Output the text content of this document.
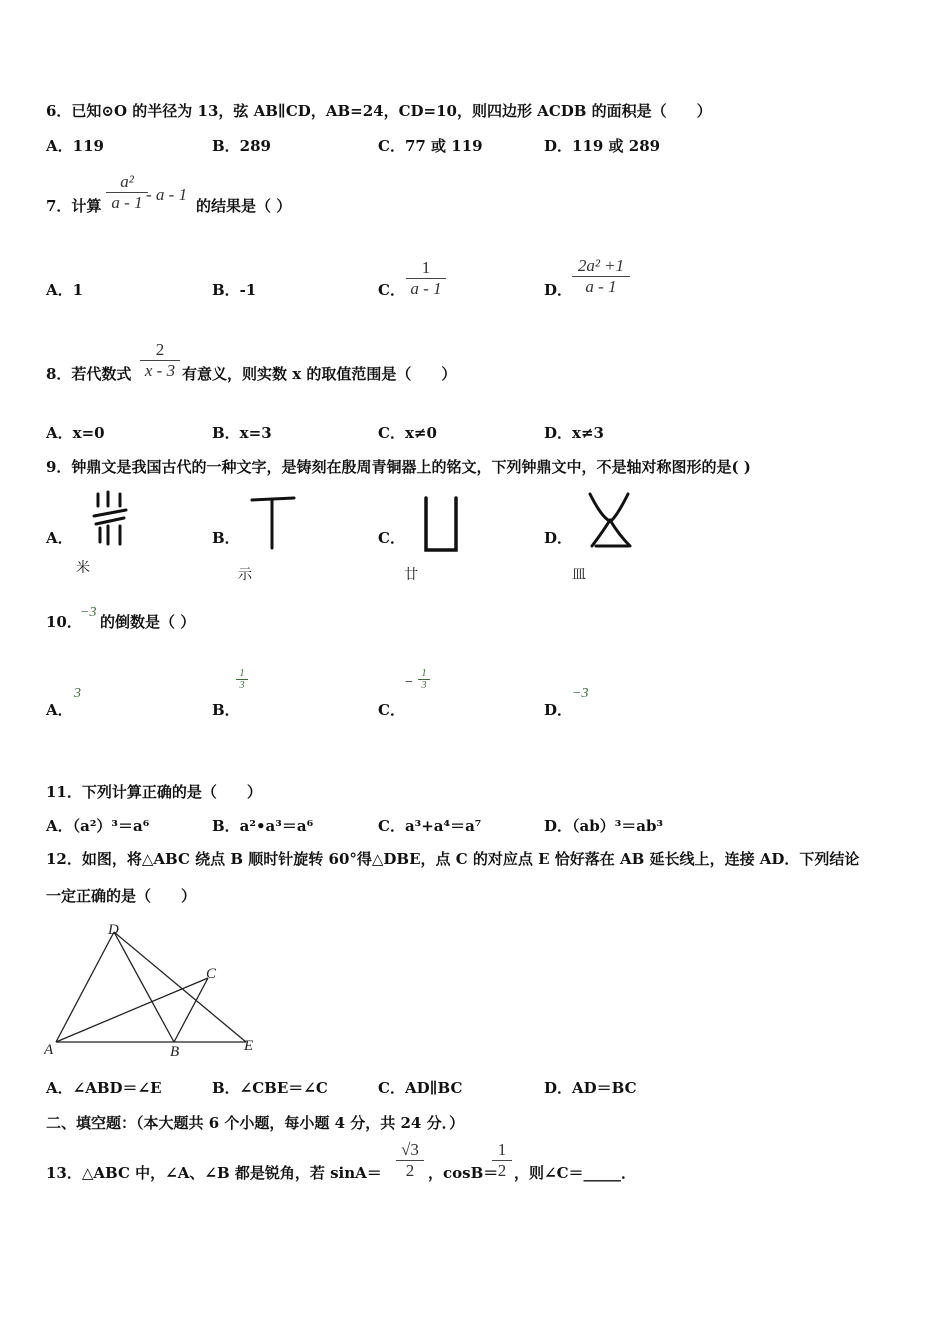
6．已知⊙O 的半径为 13，弦 AB∥CD，AB=24，CD=10，则四边形 ACDB 的面积是（　　）
A．119	B．289	C．77 或 119	D．119 或 289
7．计算
a²
a - 1 - a - 1
的结果是（ ）
A．1	B．-1	C．
1
a - 1	D．
2a² +1
a - 1
8．若代数式
2
x - 3 有意义，则实数 x 的取值范围是（　　）
A．x=0	B．x=3	C．x≠0	D．x≠3
9．钟鼎文是我国古代的一种文字，是铸刻在殷周青铜器上的铭文，下列钟鼎文中，不是轴对称图形的是( )
A．
米
B．
示
C．
廿
D．
皿
10．
−3
的倒数是（ ）
A．
3
B．
1
3
C．
−
1
3
D．
−3
11．下列计算正确的是（　　）
A．（a²）³＝a⁶	B．a²•a³＝a⁶	C．a³+a⁴＝a⁷	D．（ab）³＝ab³
12．如图，将△ABC 绕点 B 顺时针旋转 60°得△DBE，点 C 的对应点 E 恰好落在 AB 延长线上，连接 AD．下列结论
一定正确的是（　　）
D
C
A	B	E
A．∠ABD＝∠E	B．∠CBE＝∠C	C．AD∥BC	D．AD＝BC
二、填空题：（本大题共 6 个小题，每小题 4 分，共 24 分．）
13．△ABC 中，∠A、∠B 都是锐角，若 sinA＝
√3
2 ，cosB＝
1
2 ，则∠C＝_____．
